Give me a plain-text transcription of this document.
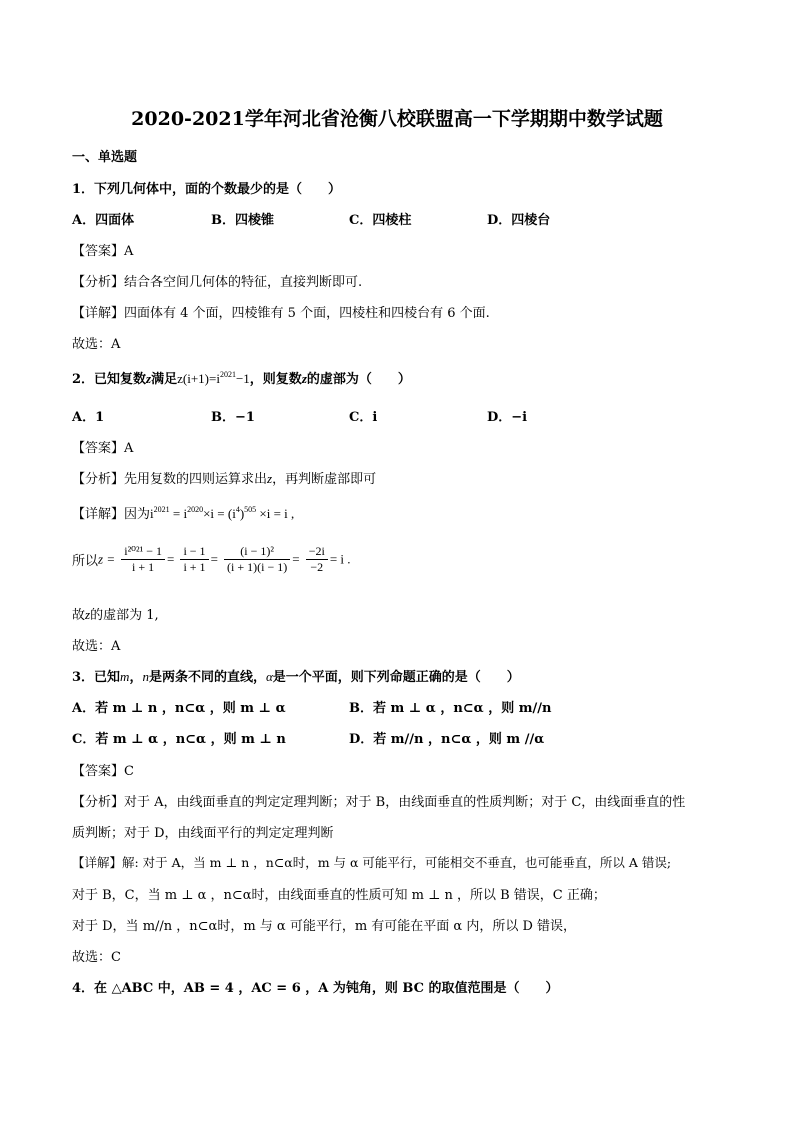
2020-2021学年河北省沧衡八校联盟高一下学期期中数学试题
一、单选题
1．下列几何体中，面的个数最少的是（　　）
A．四面体	B．四棱锥	C．四棱柱	D．四棱台
【答案】A
【分析】结合各空间几何体的特征，直接判断即可.
【详解】四面体有 4 个面，四棱锥有 5 个面，四棱柱和四棱台有 6 个面.
故选：A
2．已知复数z满足$z(i+1)=i^{2021}-1$，则复数z的虚部为（　　）
A．1	B．−1	C．i	D．−i
【答案】A
【分析】先用复数的四则运算求出z，再判断虚部即可
【详解】因为$i^{2021} = i^{2020}\times i = (i^4)^{505} \times i = i$ ,
所以$z = \frac{\text{i²⁰²¹ − 1}}{i + 1} = \frac{i - 1}{i + 1} = \frac{\text{(i − 1)²}}{(i + 1)(i - 1)} = \frac{-2i}{-2} = i$ .
故z的虚部为 1,
故选：A
3．已知m，n是两条不同的直线，α是一个平面，则下列命题正确的是（　　）
A．若 m ⊥ n ，n⊂α ，则 m ⊥ α	B．若 m ⊥ α ，n⊂α ，则 m//n
C．若 m ⊥ α ，n⊂α ，则 m ⊥ n	D．若 m//n ，n⊂α ，则 m //α
【答案】C
【分析】对于 A，由线面垂直的判定定理判断；对于 B，由线面垂直的性质判断；对于 C，由线面垂直的性
质判断；对于 D，由线面平行的判定定理判断
【详解】解: 对于 A，当 m ⊥ n ，n⊂α时，m 与 α 可能平行，可能相交不垂直，也可能垂直，所以 A 错误;
对于 B，C，当 m ⊥ α ，n⊂α时，由线面垂直的性质可知 m ⊥ n ，所以 B 错误，C 正确；
对于 D，当 m//n ，n⊂α时，m 与 α 可能平行，m 有可能在平面 α 内，所以 D 错误，
故选：C
4．在 △ABC 中，AB = 4 ，AC = 6 ，A 为钝角，则 BC 的取值范围是（　　）
